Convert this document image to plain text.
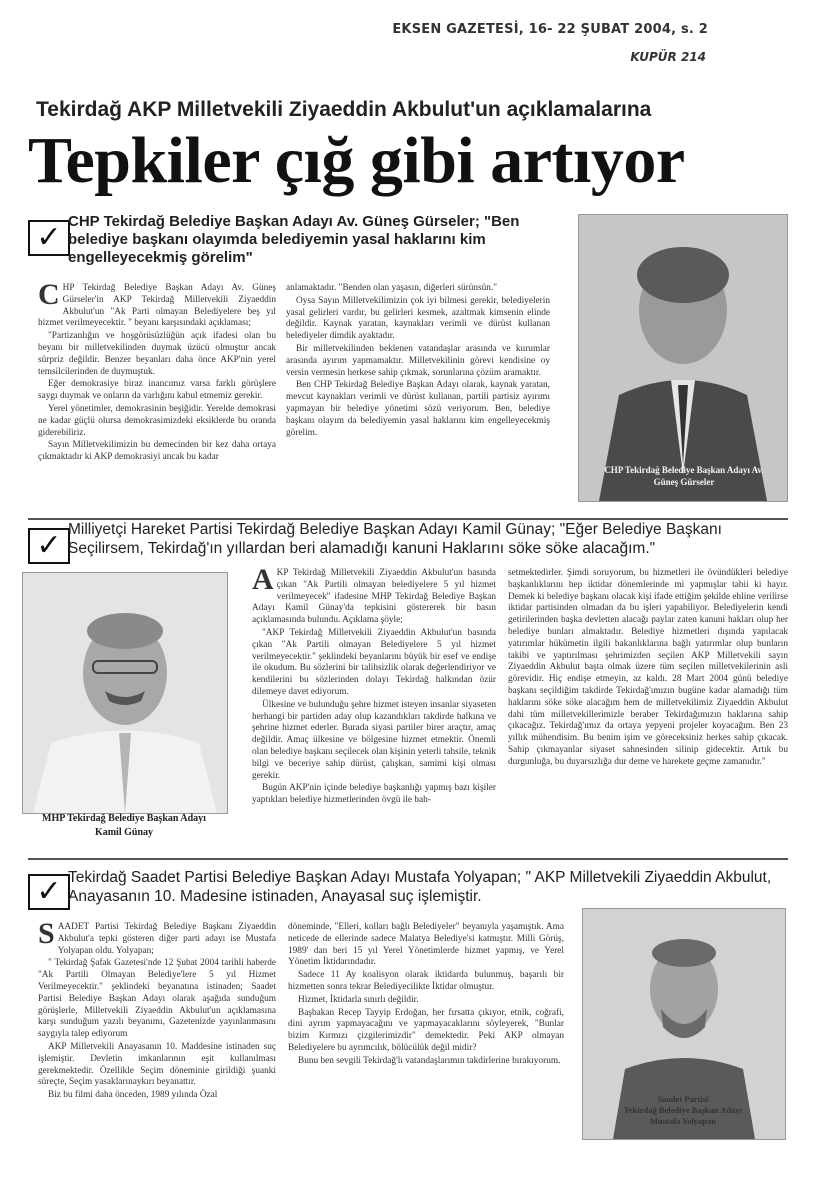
EKSEN GAZETESİ, 16- 22 ŞUBAT 2004, s. 2
KUPÜR 214
Tekirdağ AKP Milletvekili Ziyaeddin Akbulut'un açıklamalarına
Tepkiler çığ gibi artıyor
✓ CHP Tekirdağ Belediye Başkan Adayı Av. Güneş Gürseler; "Ben belediye başkanı olayımda belediyemin yasal haklarını kim engelleyecekmiş görelim"
C HP Tekirdağ Belediye Başkan Adayı Av. Güneş Gürseler'in AKP Tekirdağ Milletvekili Ziyaeddin Akbulut'un "Ak Parti olmayan Belediyelere beş yıl hizmet verilmeyecektir. " beyanı karşısındaki açıklaması;

"Partizanlığın ve hoşgörüsüzlüğün açık ifadesi olan bu beyanı bir milletvekilinden duymak üzücü olmuştur ancak sürpriz değildir. Benzer beyanları daha önce AKP'nin yerel temsilcilerinden de duymuştuk.

Eğer demokrasiye biraz inancımız varsa farklı görüşlere saygı duymak ve onların da varlığını kabul etmemiz gerekir.

Yerel yönetimler, demokrasinin beşiğidir. Yerelde demokrasi ne kadar güçlü olursa demokrasimizdeki eksiklerde bu oranda giderebiliriz.

Sayın Milletvekilimizin bu demecinden bir kez daha ortaya çıkmaktadır ki AKP demokrasiyi ancak bu kadar

anlamaktadır. "Benden olan yaşasın, diğerleri sürünsün."

Oysa Sayın Milletvekilimizin çok iyi bilmesi gerekir, belediyelerin yasal gelirleri vardır, bu gelirleri kesmek, azaltmak kimsenin elinde değildir. Kaynak yaratan, kaynakları verimli ve dürüst kullanan belediyeler dimdik ayaktadır.

Bir milletvekilinden beklenen vatandaşlar arasında ve kurumlar arasında ayırım yapmamaktır. Milletvekilinin görevi kendisine oy versin vermesin herkese sahip çıkmak, sorunlarına çözüm aramaktır.

Ben CHP Tekirdağ Belediye Başkan Adayı olarak, kaynak yaratan, mevcut kaynakları verimli ve dürüst kullanan, partili partisiz ayırımı yapmayan bir belediye yönetimi sözü veriyorum. Ben, belediye başkanı olayım da belediyemin yasal haklarını kim engelleyecekmiş görelim.

CHP Tekirdağ Belediye Başkan Adayı Av. Güneş Gürseler
✓ Milliyetçi Hareket Partisi Tekirdağ Belediye Başkan Adayı Kamil Günay; "Eğer Belediye Başkanı Seçilirsem, Tekirdağ'ın yıllardan beri alamadığı kanuni Haklarını söke söke alacağım."
MHP Tekirdağ Belediye Başkan Adayı
Kamil Günay
A KP Tekirdağ Milletvekili Ziyaeddin Akbulut'un basında çıkan "Ak Partili olmayan belediyelere 5 yıl hizmet verilmeyecek" ifadesine MHP Tekirdağ Belediye Başkan Adayı Kamil Günay'da tepkisini göstererek bir basın açıklamasında bulundu. Açıklama şöyle;

"AKP Tekirdağ Milletvekili Ziyaeddin Akbulut'un basında çıkan "Ak Partili olmayan Belediyelere 5 yıl hizmet verilmeyecektir." şeklindeki beyanlarını büyük bir esef ve endişe ile okudum. Bu sözlerini bir talihsizlik olarak değerlendiriyor ve kendilerini bu sözlerinden dolayı Tekirdağ halkından özür dilemeye davet ediyorum.

Ülkesine ve bulunduğu şehre hizmet isteyen insanlar siyaseten herhangi bir partiden aday olup kazandıkları takdirde halkına ve şehrine hizmet ederler. Burada siyasi partiler birer araçtır, amaç değildir. Amaç ülkesine ve bölgesine hizmet etmektir. Önemli olan belediye başkanı seçilecek olan kişinin yeterli tahsile, teknik bilgi ve beceriye sahip dürüst, çalışkan, samimi kişi olması gerekir.

Bugün AKP'nin içinde belediye başkanlığı yapmış bazı kişiler yaptıkları belediye hizmetlerinden övgü ile bah-

setmektedirler. Şimdi soruyorum, bu hizmetleri ile övündükleri belediye başkanlıklarını hep iktidar dönemlerinde mi yapmışlar tabii ki hayır. Demek ki belediye başkanı olacak kişi ifade ettiğim şekilde ehline verilirse iktidar partisinden olmadan da bu işleri yapabiliyor. Belediyelerin kendi getirilerinden başka devletten alacağı paylar zaten kanuni hakları olup her belediye bunları almaktadır. Belediye hizmetleri dışında yapılacak yatırımlar hükümetin ilgili bakanlıklarına bağlı yatırımlar olup bunların takibi ve yaptırılması şehrimizden seçilen AKP Milletvekili sayın Ziyaeddin Akbulut başta olmak üzere tüm seçilen milletvekilerinin asli görevidir. Hiç endişe etmeyin, az kaldı. 28 Mart 2004 günü belediye başkanı seçildiğim takdirde Tekirdağ'ımızın bugüne kadar alamadığı tüm haklarını söke söke alacağım hem de milletvekilimiz Ziyaeddin Akbulut dahi tüm milletvekillerimizle beraber Tekirdağımızın haklarına sahip çıkacağız. Tekirdağ'ımız da ortaya yepyeni projeler koyacağım. Ben 23 yıllık mühendisim. Bu benim işim ve göreceksiniz herkes sahip çıkacak. Sahip çıkmayanlar siyaset sahnesinden silinip gidecektir. Artık bu durgunluğa, bu duyarsızlığa dur deme ve harekete geçme zamanıdır."

✓ Tekirdağ Saadet Partisi Belediye Başkan Adayı Mustafa Yolyapan; " AKP Milletvekili Ziyaeddin Akbulut, Anayasanın 10. Madesine istinaden, Anayasal suç işlemiştir.
S AADET Partisi Tekirdağ Belediye Başkanı Ziyaeddin Akbulut'a tepki gösteren diğer parti adayı ise Mustafa Yolyapan oldu. Yolyapan;

" Tekirdağ Şafak Gazetesi'nde 12 Şubat 2004 tarihli haberde "Ak Partili Olmayan Belediye'lere 5 yıl Hizmet Verilmeyecektir." şeklindeki beyanatına istinaden; Saadet Partisi Belediye Başkan Adayı olarak aşağıda sunduğum görüşlerle, Milletvekili Ziyaeddin Akbulut'un açıklamasına karşı sunduğum yazılı beyanımı, Gazetenizde yayınlanmasını saygıyla talep ediyorum

AKP Milletvekili Anayasanın 10. Maddesine istinaden suç işlemiştir. Devletin imkanlarının eşit kullanılması gerekmektedir. Özellikle Seçim döneminie girildiği şuanki süreçte, Seçim yasaklarınaykırı beyanattır.

Biz bu filmi daha önceden, 1989 yılında Özal

döneminde, "Elleri, kolları bağlı Belediyeler" beyanıyla yaşamıştık. Ama neticede de ellerinde sadece Malatya Belediye'si katmıştır. Milli Görüş, 1989' dan beri 15 yıl Yerel Yönetimlerde hizmet yapmış, ve Yerel Yönetim İktidarındadır.

Sadece 11 Ay koalisyon olarak iktidarda bulunmuş, başarılı bir hizmetten sonra tekrar Belediyecilikte İktidar olmuştur.

Hizmet, İktidarla sınırlı değildir.

Başbakan Recep Tayyip Erdoğan, her fırsatta çıkıyor, etnik, coğrafi, dini ayrım yapmayacağını ve yapmayacaklarını söyleyerek, "Bunlar bizim Kırmızı çizgilerimizdir" demektedir. Peki AKP olmayan Belediyelere bu ayrımcılık, bölücülük değil midir?

Bunu ben sevgili Tekirdağ'lı vatandaşlarımın takdirlerine bırakıyorum.

Saadet Partisi
Tekirdağ Belediye Başkan Adayı
Mustafa Yolyapan
